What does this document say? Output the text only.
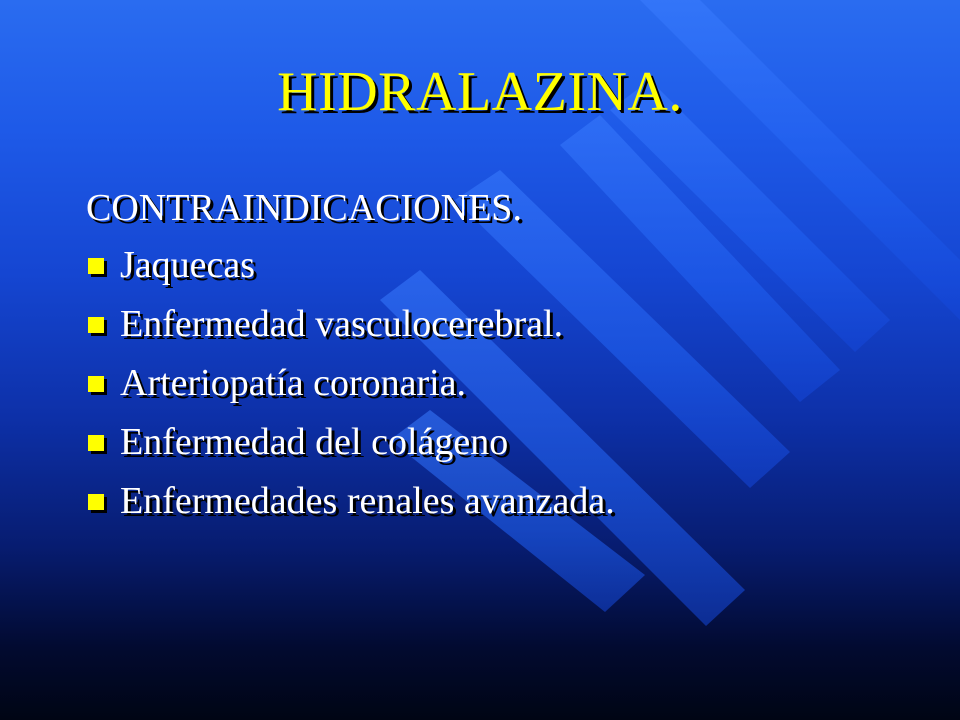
HIDRALAZINA.
CONTRAINDICACIONES.
Jaquecas
Enfermedad vasculocerebral.
Arteriopatía coronaria.
Enfermedad del colágeno
Enfermedades renales avanzada.
